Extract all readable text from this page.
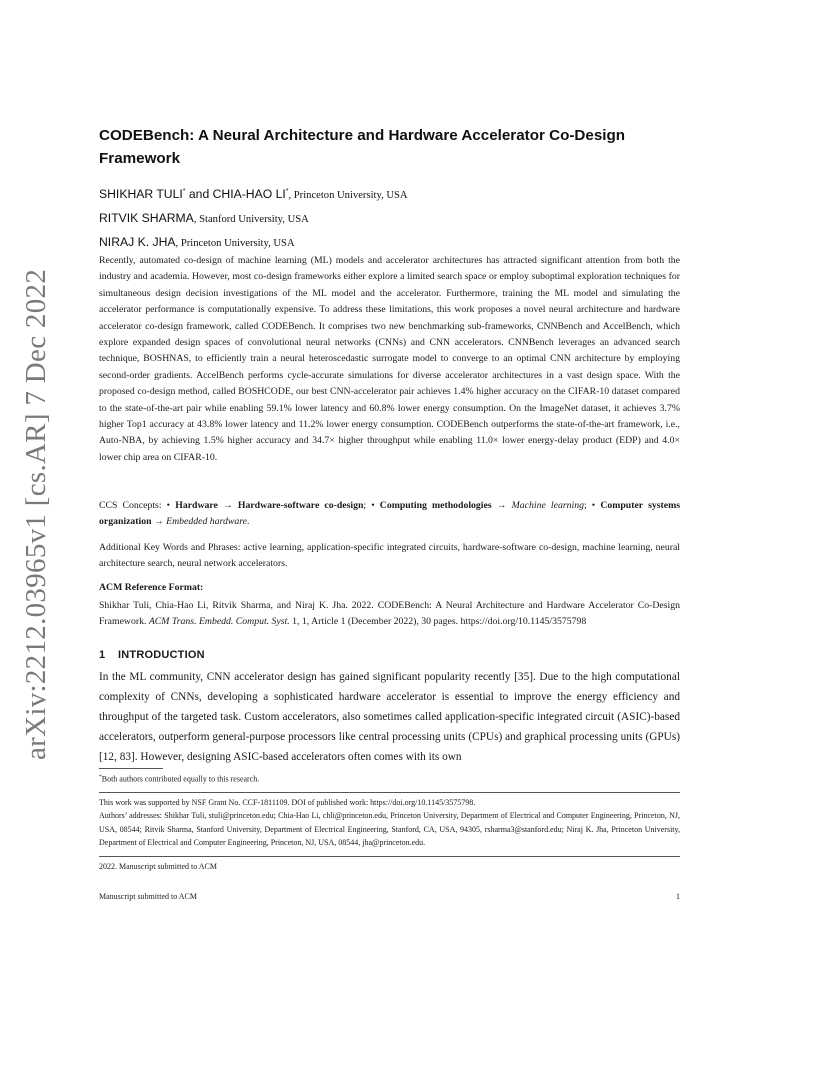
arXiv:2212.03965v1 [cs.AR] 7 Dec 2022
CODEBench: A Neural Architecture and Hardware Accelerator Co-Design Framework
SHIKHAR TULI* and CHIA-HAO LI*, Princeton University, USA
RITVIK SHARMA, Stanford University, USA
NIRAJ K. JHA, Princeton University, USA

Recently, automated co-design of machine learning (ML) models and accelerator architectures has attracted significant attention from both the industry and academia. However, most co-design frameworks either explore a limited search space or employ suboptimal exploration techniques for simultaneous design decision investigations of the ML model and the accelerator. Furthermore, training the ML model and simulating the accelerator performance is computationally expensive. To address these limitations, this work proposes a novel neural architecture and hardware accelerator co-design framework, called CODEBench. It comprises two new benchmarking sub-frameworks, CNNBench and AccelBench, which explore expanded design spaces of convolutional neural networks (CNNs) and CNN accelerators. CNNBench leverages an advanced search technique, BOSHNAS, to efficiently train a neural heteroscedastic surrogate model to converge to an optimal CNN architecture by employing second-order gradients. AccelBench performs cycle-accurate simulations for diverse accelerator architectures in a vast design space. With the proposed co-design method, called BOSHCODE, our best CNN-accelerator pair achieves 1.4% higher accuracy on the CIFAR-10 dataset compared to the state-of-the-art pair while enabling 59.1% lower latency and 60.8% lower energy consumption. On the ImageNet dataset, it achieves 3.7% higher Top1 accuracy at 43.8% lower latency and 11.2% lower energy consumption. CODEBench outperforms the state-of-the-art framework, i.e., Auto-NBA, by achieving 1.5% higher accuracy and 34.7× higher throughput while enabling 11.0× lower energy-delay product (EDP) and 4.0× lower chip area on CIFAR-10.

CCS Concepts: • Hardware → Hardware-software co-design; • Computing methodologies → Machine learning; • Computer systems organization → Embedded hardware.

Additional Key Words and Phrases: active learning, application-specific integrated circuits, hardware-software co-design, machine learning, neural architecture search, neural network accelerators.

ACM Reference Format:

Shikhar Tuli, Chia-Hao Li, Ritvik Sharma, and Niraj K. Jha. 2022. CODEBench: A Neural Architecture and Hardware Accelerator Co-Design Framework. ACM Trans. Embedd. Comput. Syst. 1, 1, Article 1 (December 2022), 30 pages. https://doi.org/10.1145/3575798

1 INTRODUCTION

In the ML community, CNN accelerator design has gained significant popularity recently [35]. Due to the high computational complexity of CNNs, developing a sophisticated hardware accelerator is essential to improve the energy efficiency and throughput of the targeted task. Custom accelerators, also sometimes called application-specific integrated circuit (ASIC)-based accelerators, outperform general-purpose processors like central processing units (CPUs) and graphical processing units (GPUs) [12, 83]. However, designing ASIC-based accelerators often comes with its own

*Both authors contributed equally to this research.

This work was supported by NSF Grant No. CCF-1811109. DOI of published work: https://doi.org/10.1145/3575798.
Authors’ addresses: Shikhar Tuli, stuli@princeton.edu; Chia-Hao Li, chli@princeton.edu, Princeton University, Department of Electrical and Computer Engineering, Princeton, NJ, USA, 08544; Ritvik Sharma, Stanford University, Department of Electrical Engineering, Stanford, CA, USA, 94305, rsharma3@stanford.edu; Niraj K. Jha, Princeton University, Department of Electrical and Computer Engineering, Princeton, NJ, USA, 08544, jha@princeton.edu.

2022. Manuscript submitted to ACM
Manuscript submitted to ACM	1
